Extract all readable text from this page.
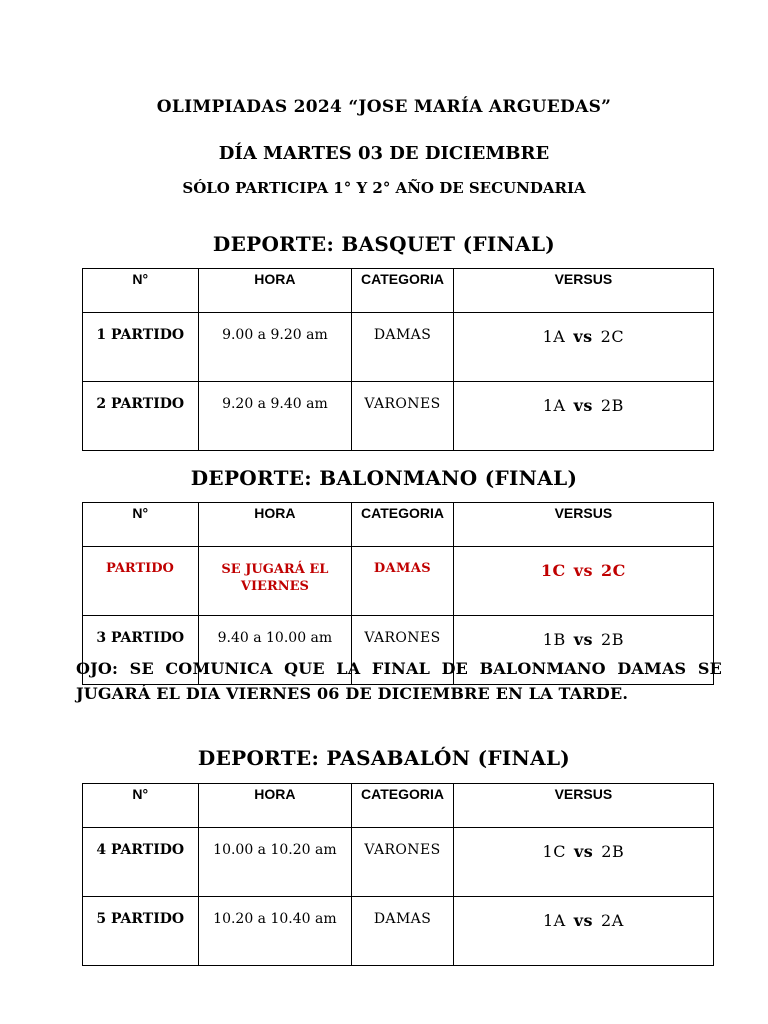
OLIMPIADAS 2024 “JOSE MARÍA ARGUEDAS”
DÍA MARTES 03 DE DICIEMBRE
SÓLO PARTICIPA 1° Y 2° AÑO DE SECUNDARIA
DEPORTE: BASQUET (FINAL)
N°	HORA	CATEGORIA	VERSUS
1 PARTIDO	9.00 a 9.20 am	DAMAS	1A vs 2C
2 PARTIDO	9.20 a 9.40 am	VARONES	1A vs 2B
DEPORTE: BALONMANO (FINAL)
N°	HORA	CATEGORIA	VERSUS
PARTIDO	SE JUGARÁ EL VIERNES	DAMAS	1C vs 2C
3 PARTIDO	9.40 a 10.00 am	VARONES	1B vs 2B
OJO: SE COMUNICA QUE LA FINAL DE BALONMANO DAMAS SE JUGARÁ EL DIA VIERNES 06 DE DICIEMBRE EN LA TARDE.
DEPORTE: PASABALÓN (FINAL)
N°	HORA	CATEGORIA	VERSUS
4 PARTIDO	10.00 a 10.20 am	VARONES	1C vs 2B
5 PARTIDO	10.20 a 10.40 am	DAMAS	1A vs 2A
